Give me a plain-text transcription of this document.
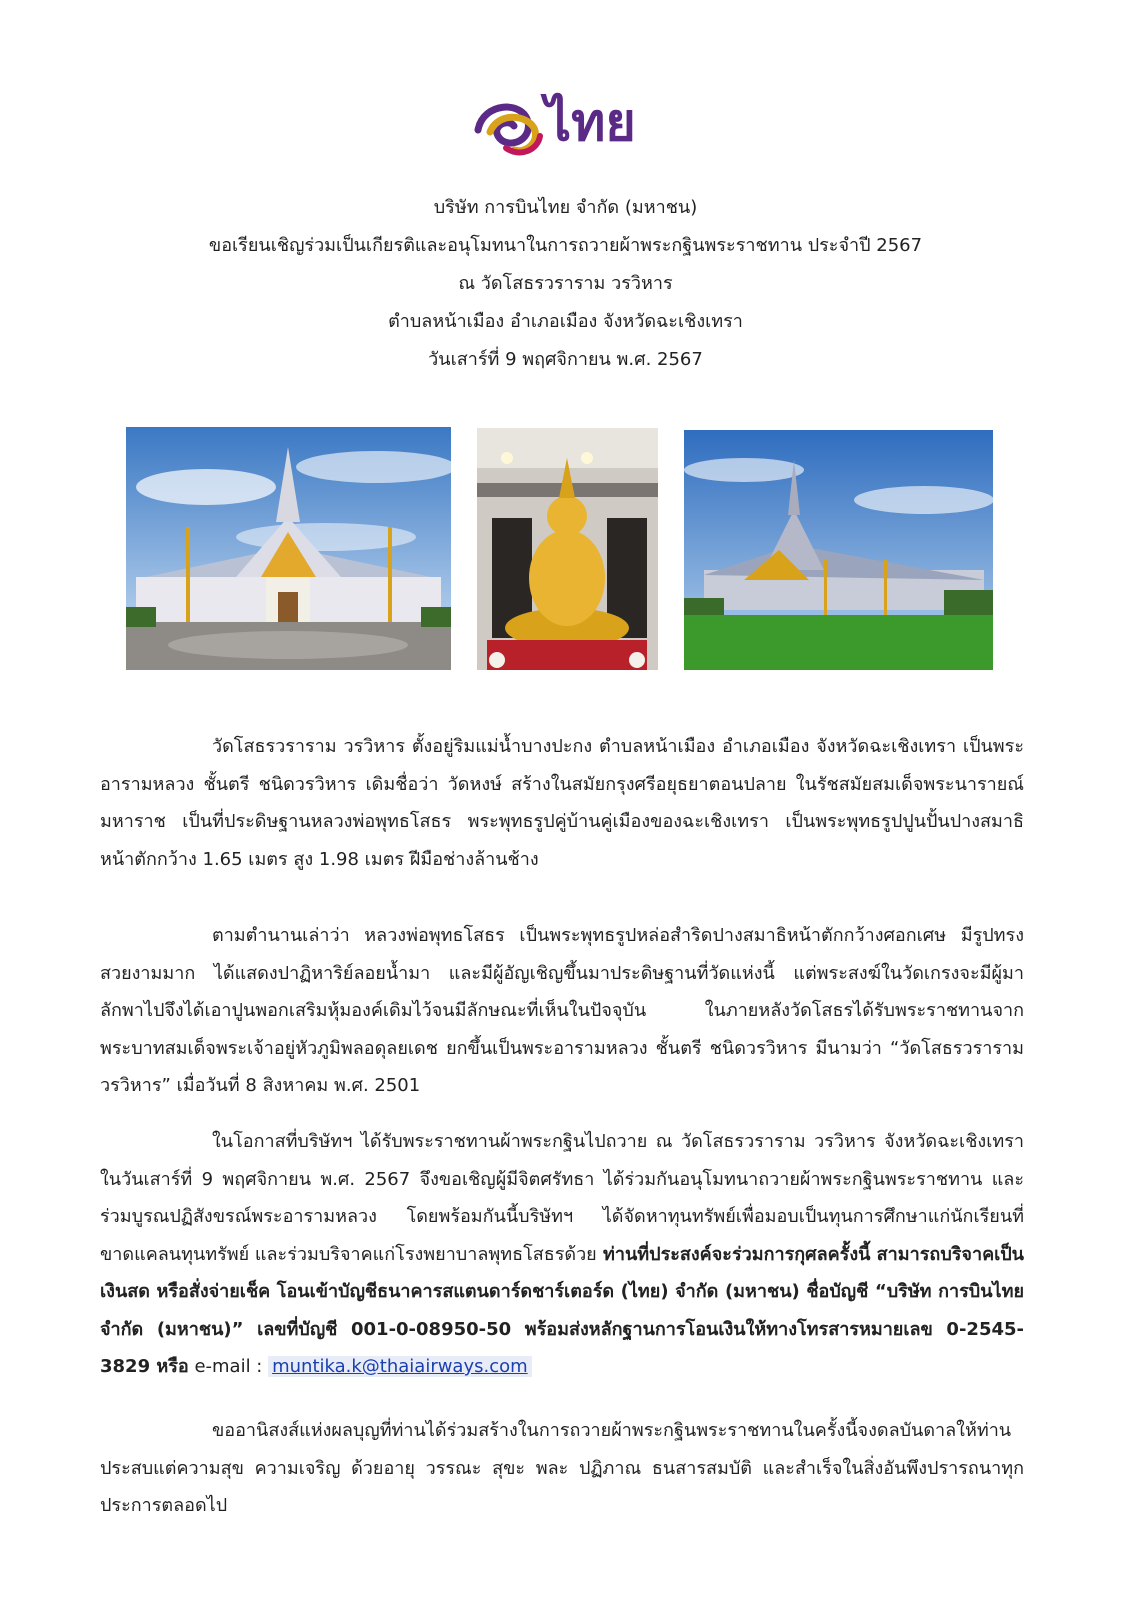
ไทย
บริษัท การบินไทย จำกัด (มหาชน)
ขอเรียนเชิญร่วมเป็นเกียรติและอนุโมทนาในการถวายผ้าพระกฐินพระราชทาน ประจำปี 2567
ณ วัดโสธรวราราม วรวิหาร
ตำบลหน้าเมือง อำเภอเมือง จังหวัดฉะเชิงเทรา
วันเสาร์ที่ 9 พฤศจิกายน พ.ศ. 2567

วัดโสธรวราราม วรวิหาร ตั้งอยู่ริมแม่น้ำบางปะกง ตำบลหน้าเมือง อำเภอเมือง จังหวัดฉะเชิงเทรา เป็นพระอารามหลวง ชั้นตรี ชนิดวรวิหาร เดิมชื่อว่า วัดหงษ์ สร้างในสมัยกรุงศรีอยุธยาตอนปลาย ในรัชสมัยสมเด็จพระนารายณ์มหาราช เป็นที่ประดิษฐานหลวงพ่อพุทธโสธร พระพุทธรูปคู่บ้านคู่เมืองของฉะเชิงเทรา เป็นพระพุทธรูปปูนปั้นปางสมาธิ หน้าตักกว้าง 1.65 เมตร สูง 1.98 เมตร ฝีมือช่างล้านช้าง

ตามตำนานเล่าว่า หลวงพ่อพุทธโสธร เป็นพระพุทธรูปหล่อสำริดปางสมาธิหน้าตักกว้างศอกเศษ มีรูปทรงสวยงามมาก ได้แสดงปาฏิหาริย์ลอยน้ำมา และมีผู้อัญเชิญขึ้นมาประดิษฐานที่วัดแห่งนี้ แต่พระสงฆ์ในวัดเกรงจะมีผู้มาลักพาไปจึงได้เอาปูนพอกเสริมหุ้มองค์เดิมไว้จนมีลักษณะที่เห็นในปัจจุบัน ในภายหลังวัดโสธรได้รับพระราชทานจากพระบาทสมเด็จพระเจ้าอยู่หัวภูมิพลอดุลยเดช ยกขึ้นเป็นพระอารามหลวง ชั้นตรี ชนิดวรวิหาร มีนามว่า “วัดโสธรวราราม วรวิหาร” เมื่อวันที่ 8 สิงหาคม พ.ศ. 2501

ในโอกาสที่บริษัทฯ ได้รับพระราชทานผ้าพระกฐินไปถวาย ณ วัดโสธรวราราม วรวิหาร จังหวัดฉะเชิงเทรา ในวันเสาร์ที่ 9 พฤศจิกายน พ.ศ. 2567 จึงขอเชิญผู้มีจิตศรัทธา ได้ร่วมกันอนุโมทนาถวายผ้าพระกฐินพระราชทาน และร่วมบูรณปฏิสังขรณ์พระอารามหลวง โดยพร้อมกันนี้บริษัทฯ ได้จัดหาทุนทรัพย์เพื่อมอบเป็นทุนการศึกษาแก่นักเรียนที่ขาดแคลนทุนทรัพย์ และร่วมบริจาคแก่โรงพยาบาลพุทธโสธรด้วย ท่านที่ประสงค์จะร่วมการกุศลครั้งนี้ สามารถบริจาคเป็นเงินสด หรือสั่งจ่ายเช็ค โอนเข้าบัญชีธนาคารสแตนดาร์ดชาร์เตอร์ด (ไทย) จำกัด (มหาชน) ชื่อบัญชี “บริษัท การบินไทย จำกัด (มหาชน)” เลขที่บัญชี 001-0-08950-50 พร้อมส่งหลักฐานการโอนเงินให้ทางโทรสารหมายเลข 0-2545-3829 หรือ e-mail : muntika.k@thaiairways.com

ขออานิสงส์แห่งผลบุญที่ท่านได้ร่วมสร้างในการถวายผ้าพระกฐินพระราชทานในครั้งนี้จงดลบันดาลให้ท่านประสบแต่ความสุข ความเจริญ ด้วยอายุ วรรณะ สุขะ พละ ปฏิภาณ ธนสารสมบัติ และสำเร็จในสิ่งอันพึงปรารถนาทุกประการตลอดไป
